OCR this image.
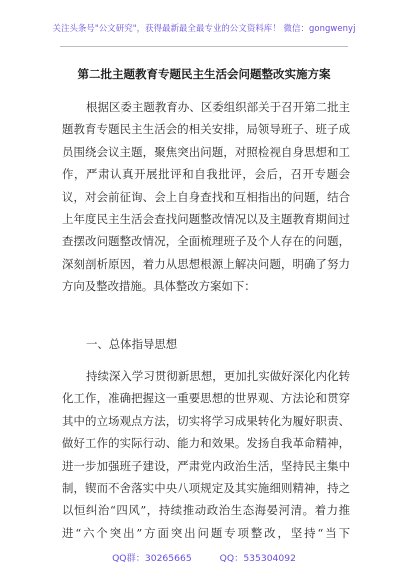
关注头条号"公文研究"，获得最新最全最专业的公文资料库！ 微信：gongwenyj
第二批主题教育专题民主生活会问题整改实施方案
根据区委主题教育办、区委组织部关于召开第二批主题教育专题民主生活会的相关安排，局领导班子、班子成员围绕会议主题，聚焦突出问题，对照检视自身思想和工作，严肃认真开展批评和自我批评，会后，召开专题会议，对会前征询、会上自身查找和互相指出的问题，结合上年度民主生活会查找问题整改情况以及主题教育期间过查摆改问题整改情况，全面梳理班子及个人存在的问题，深刻剖析原因，着力从思想根源上解决问题，明确了努力方向及整改措施。具体整改方案如下：
一、总体指导思想
持续深入学习贯彻新思想，更加扎实做好深化内化转化工作，准确把握这一重要思想的世界观、方法论和贯穿其中的立场观点方法，切实将学习成果转化为履好职责、做好工作的实际行动、能力和效果。发扬自我革命精神，进一步加强班子建设，严肃党内政治生活，坚持民主集中制，锲而不舍落实中央八项规定及其实施细则精神，持之以恒纠治“四风”，持续推动政治生态海晏河清。着力推进“六个突出”方面突出问题专项整改，坚持“当下
QQ群：30265665	QQ：535304092
